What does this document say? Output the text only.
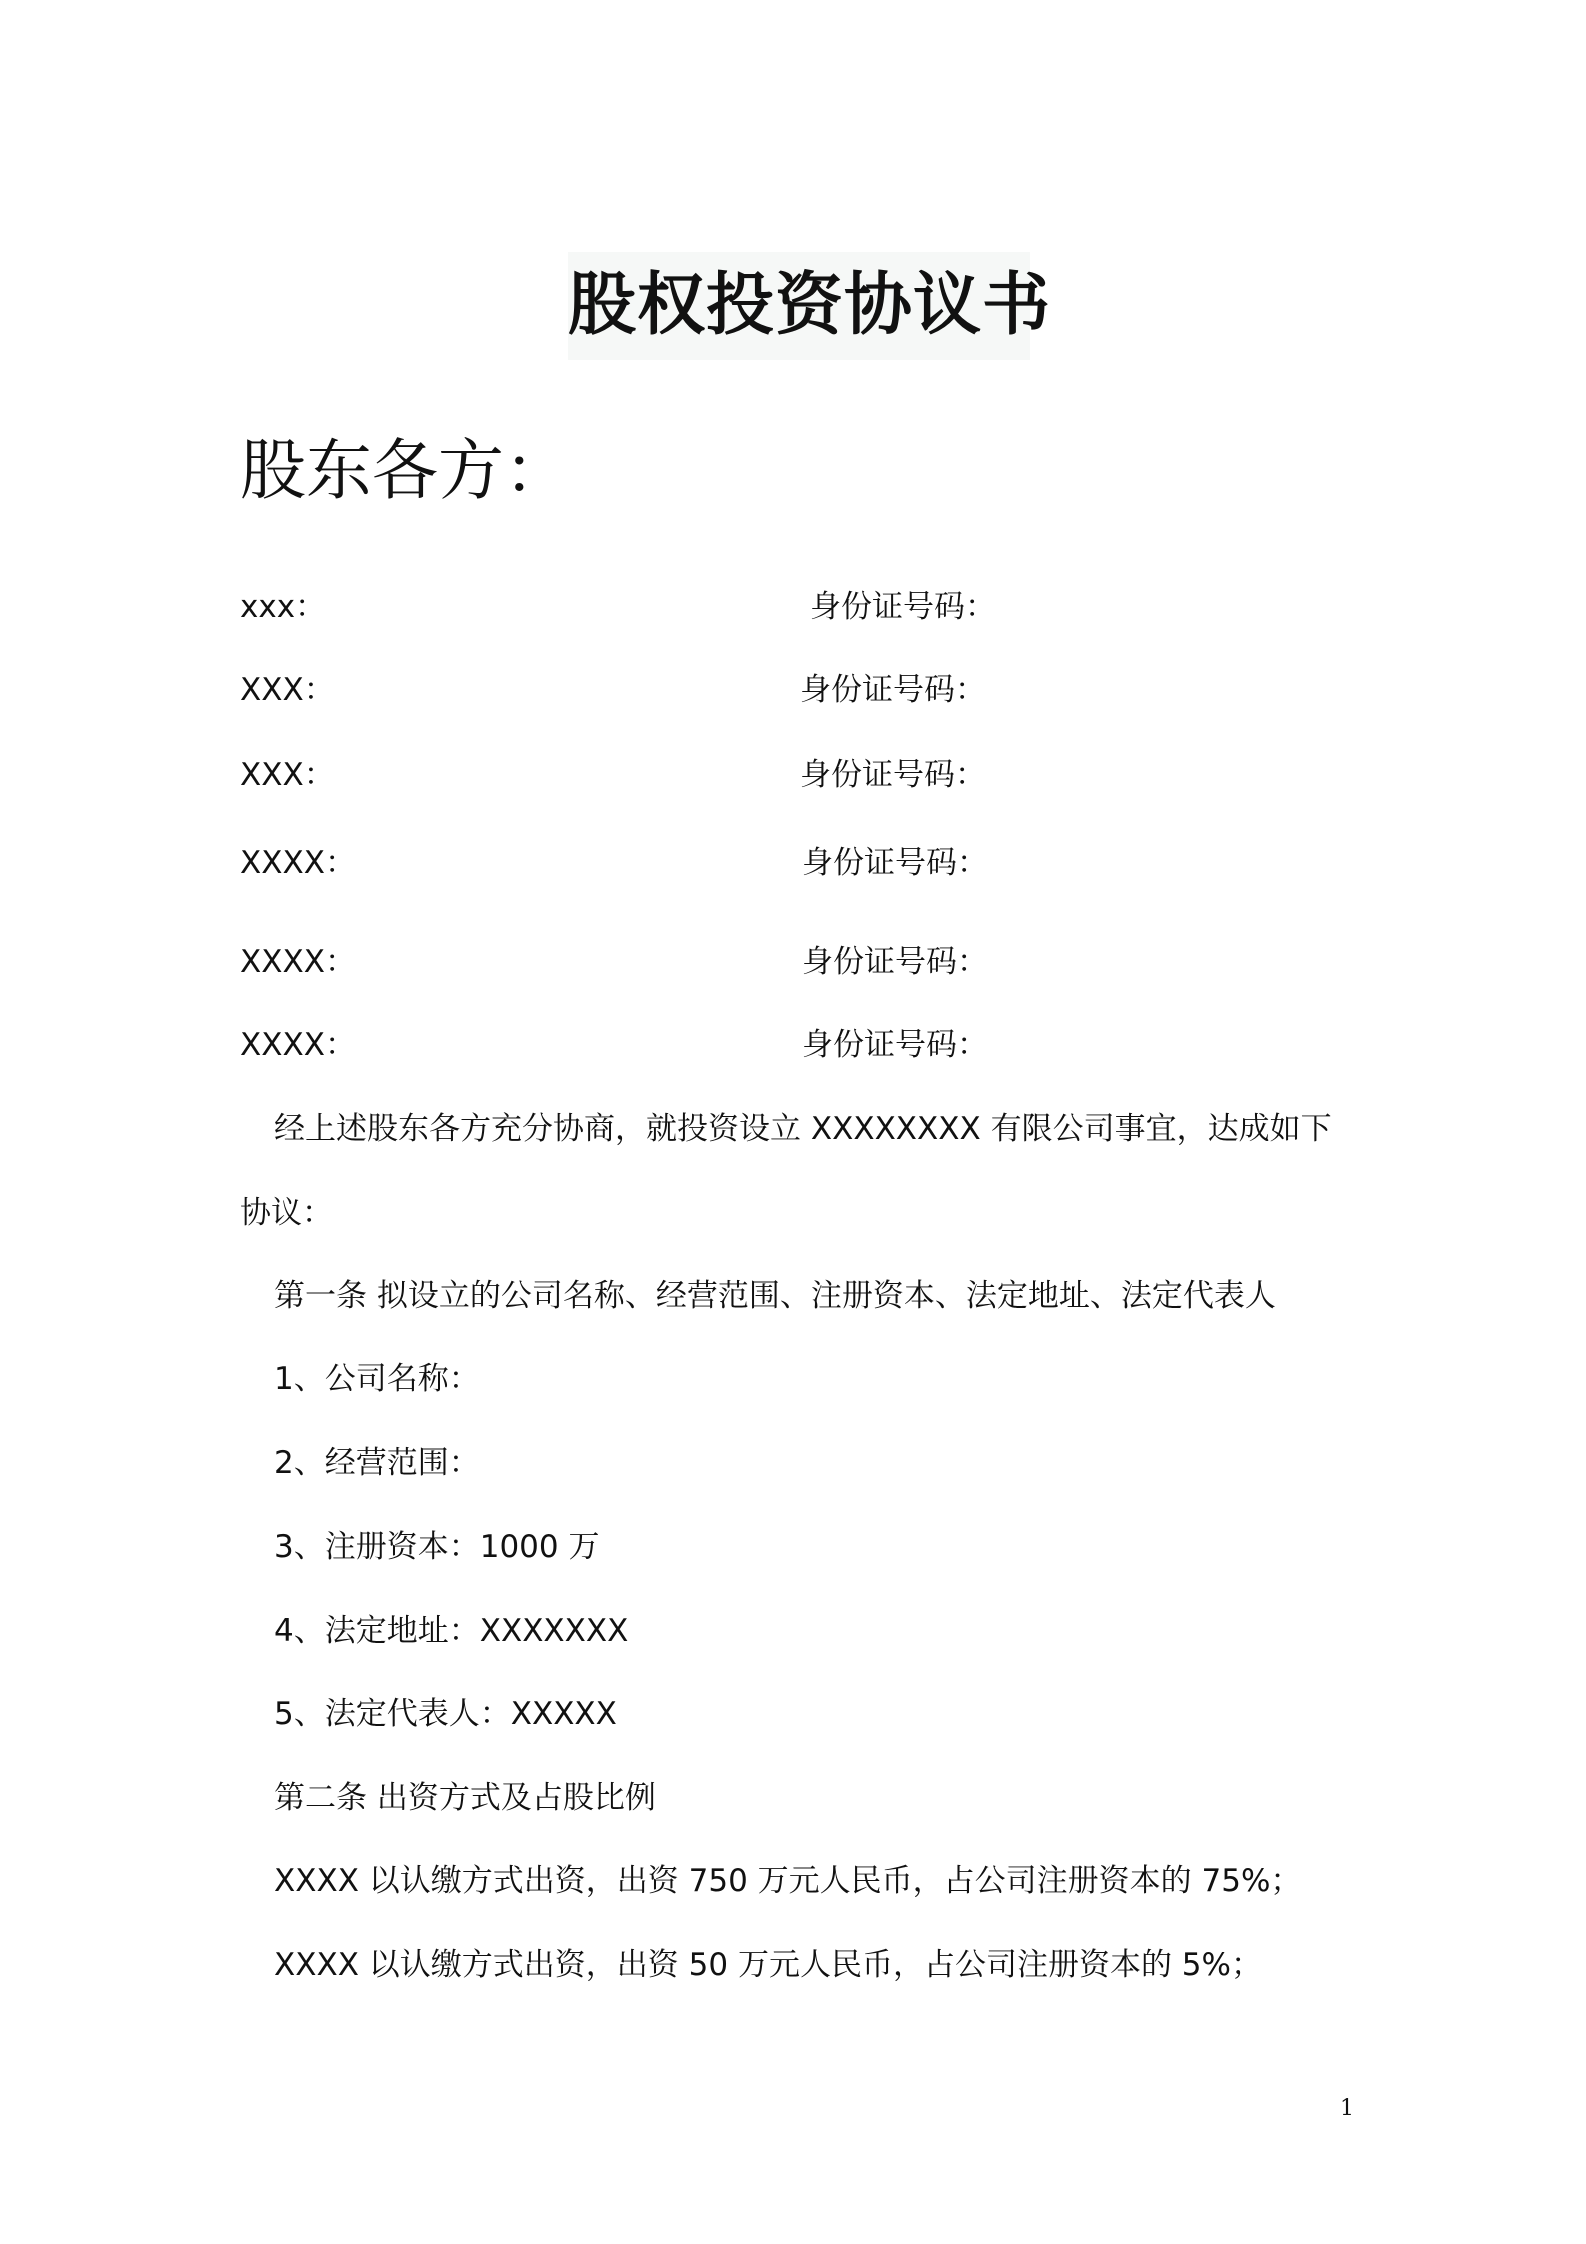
股权投资协议书
股东各方：
xxx：	身份证号码：
XXX：	身份证号码：
XXX：	身份证号码：
XXXX：	身份证号码：
XXXX：	身份证号码：
XXXX：	身份证号码：
经上述股东各方充分协商，就投资设立 XXXXXXXX 有限公司事宜，达成如下
协议：
第一条 拟设立的公司名称、经营范围、注册资本、法定地址、法定代表人
1、公司名称：
2、经营范围：
3、注册资本：1000 万
4、法定地址：XXXXXXX
5、法定代表人：XXXXX
第二条 出资方式及占股比例
XXXX 以认缴方式出资，出资 750 万元人民币，占公司注册资本的 75%；
XXXX 以认缴方式出资，出资 50 万元人民币，占公司注册资本的 5%；
1
